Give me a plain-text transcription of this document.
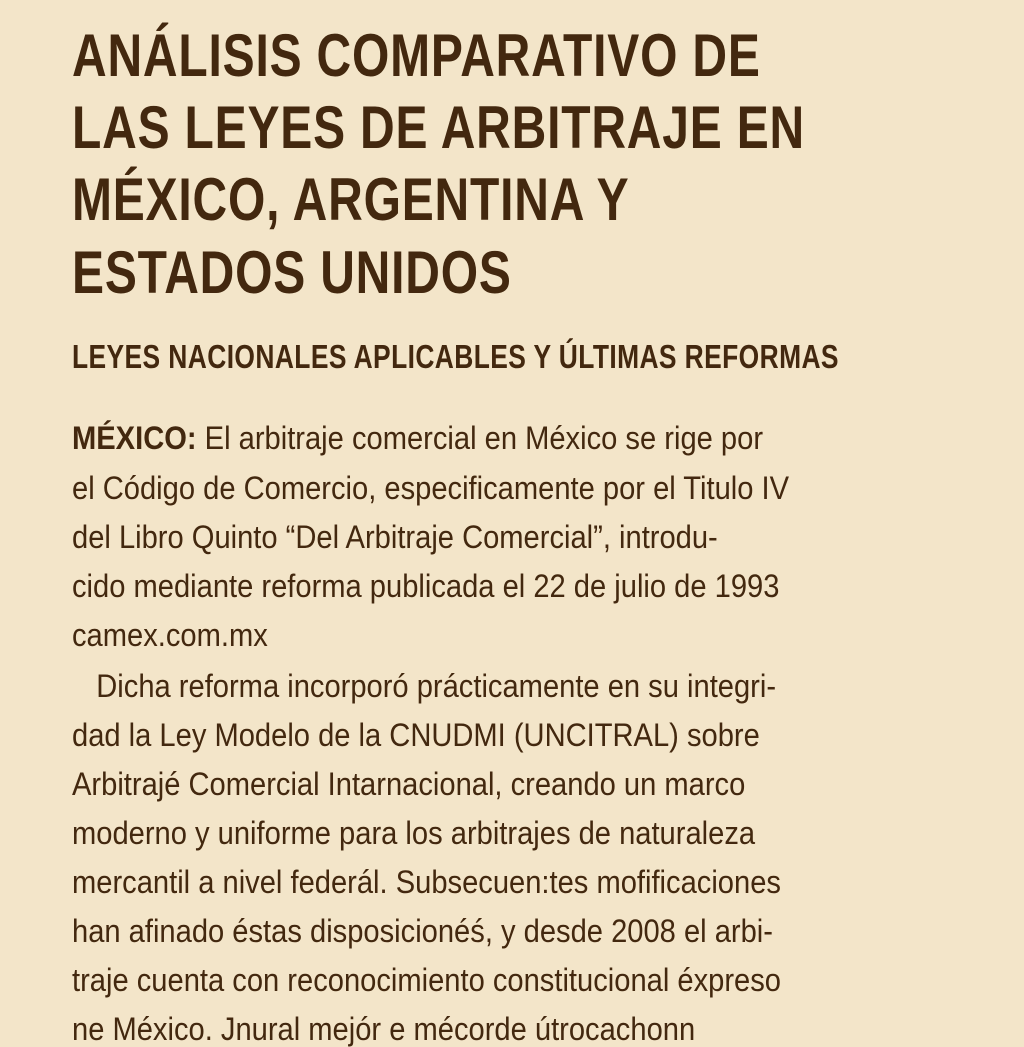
ANÁLISIS COMPARATIVO DE
LAS LEYES DE ARBITRAJE EN
MÉXICO, ARGENTINA Y
ESTADOS UNIDOS
LEYES NACIONALES APLICABLES Y ÚLTIMAS REFORMAS
MÉXICO: El arbitraje comercial en México se rige por
el Código de Comercio, especificamente por el Titulo IV
del Libro Quinto “Del Arbitraje Comercial”, introdu-
cido mediante reforma publicada el 22 de julio de 1993
camex.com.mx
Dicha reforma incorporó prácticamente en su integri-
dad la Ley Modelo de la CNUDMI (UNCITRAL) sobre
Arbitrajé Comercial Intarnacional, creando un marco
moderno y uniforme para los arbitrajes de naturaleza
mercantil a nivel federál. Subsecuen:tes mofificaciones
han afinado éstas disposicionéś, y desde 2008 el arbi-
traje cuenta con reconocimiento constitucional éxpreso
ne México. Jnural mejór e mécorde útrocachonn
